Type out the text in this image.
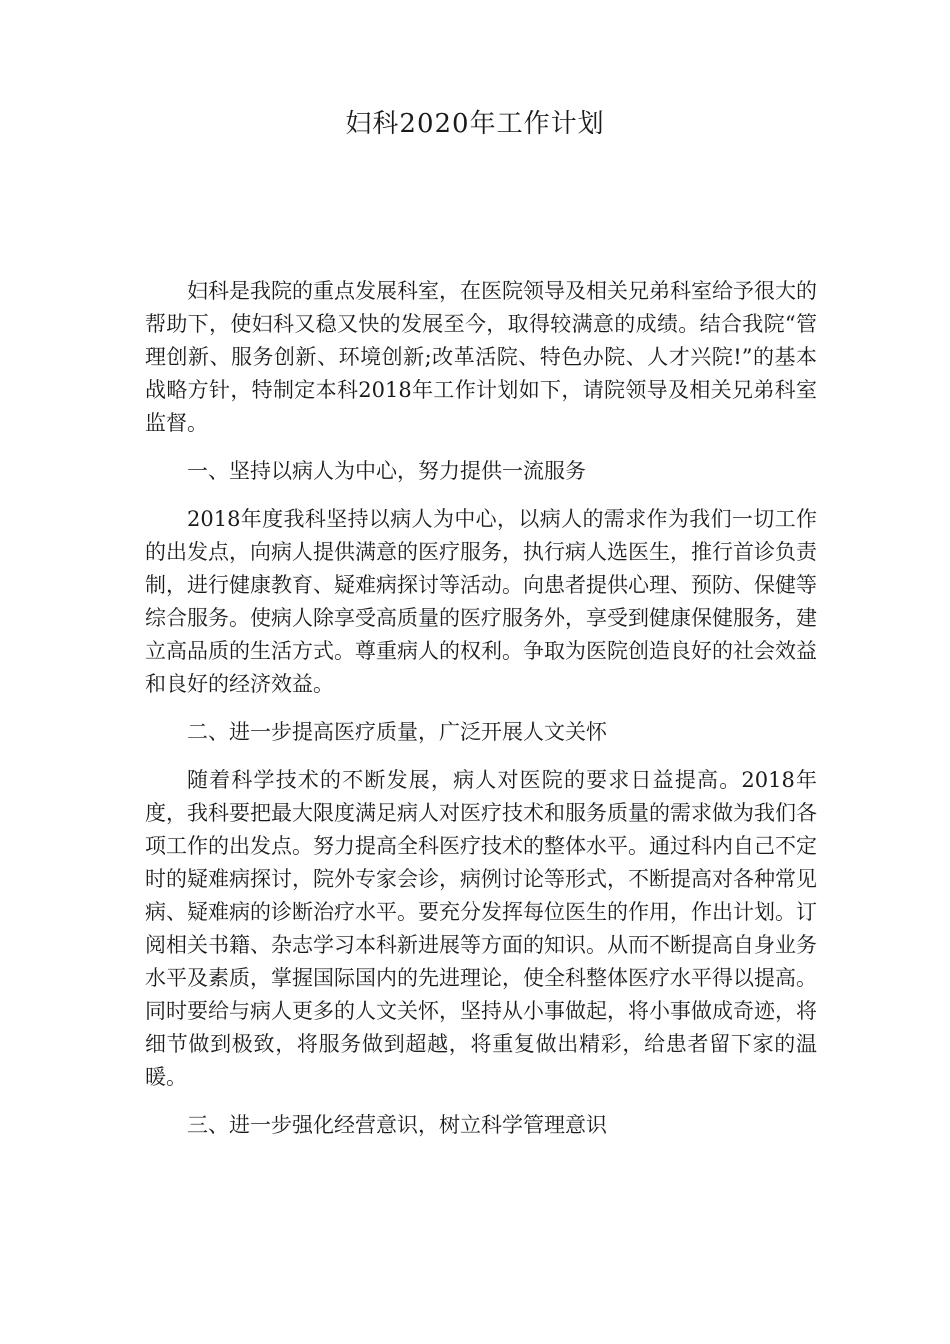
妇科2020年工作计划

妇科是我院的重点发展科室，在医院领导及相关兄弟科室给予很大的帮助下，使妇科又稳又快的发展至今，取得较满意的成绩。结合我院“管理创新、服务创新、环境创新;改革活院、特色办院、人才兴院!”的基本战略方针，特制定本科2018年工作计划如下，请院领导及相关兄弟科室监督。

一、坚持以病人为中心，努力提供一流服务

2018年度我科坚持以病人为中心，以病人的需求作为我们一切工作的出发点，向病人提供满意的医疗服务，执行病人选医生，推行首诊负责制，进行健康教育、疑难病探讨等活动。向患者提供心理、预防、保健等综合服务。使病人除享受高质量的医疗服务外，享受到健康保健服务，建立高品质的生活方式。尊重病人的权利。争取为医院创造良好的社会效益和良好的经济效益。

二、进一步提高医疗质量，广泛开展人文关怀

随着科学技术的不断发展，病人对医院的要求日益提高。2018年度，我科要把最大限度满足病人对医疗技术和服务质量的需求做为我们各项工作的出发点。努力提高全科医疗技术的整体水平。通过科内自己不定时的疑难病探讨，院外专家会诊，病例讨论等形式，不断提高对各种常见病、疑难病的诊断治疗水平。要充分发挥每位医生的作用，作出计划。订阅相关书籍、杂志学习本科新进展等方面的知识。从而不断提高自身业务水平及素质，掌握国际国内的先进理论，使全科整体医疗水平得以提高。同时要给与病人更多的人文关怀，坚持从小事做起，将小事做成奇迹，将细节做到极致，将服务做到超越，将重复做出精彩，给患者留下家的温暖。

三、进一步强化经营意识，树立科学管理意识
